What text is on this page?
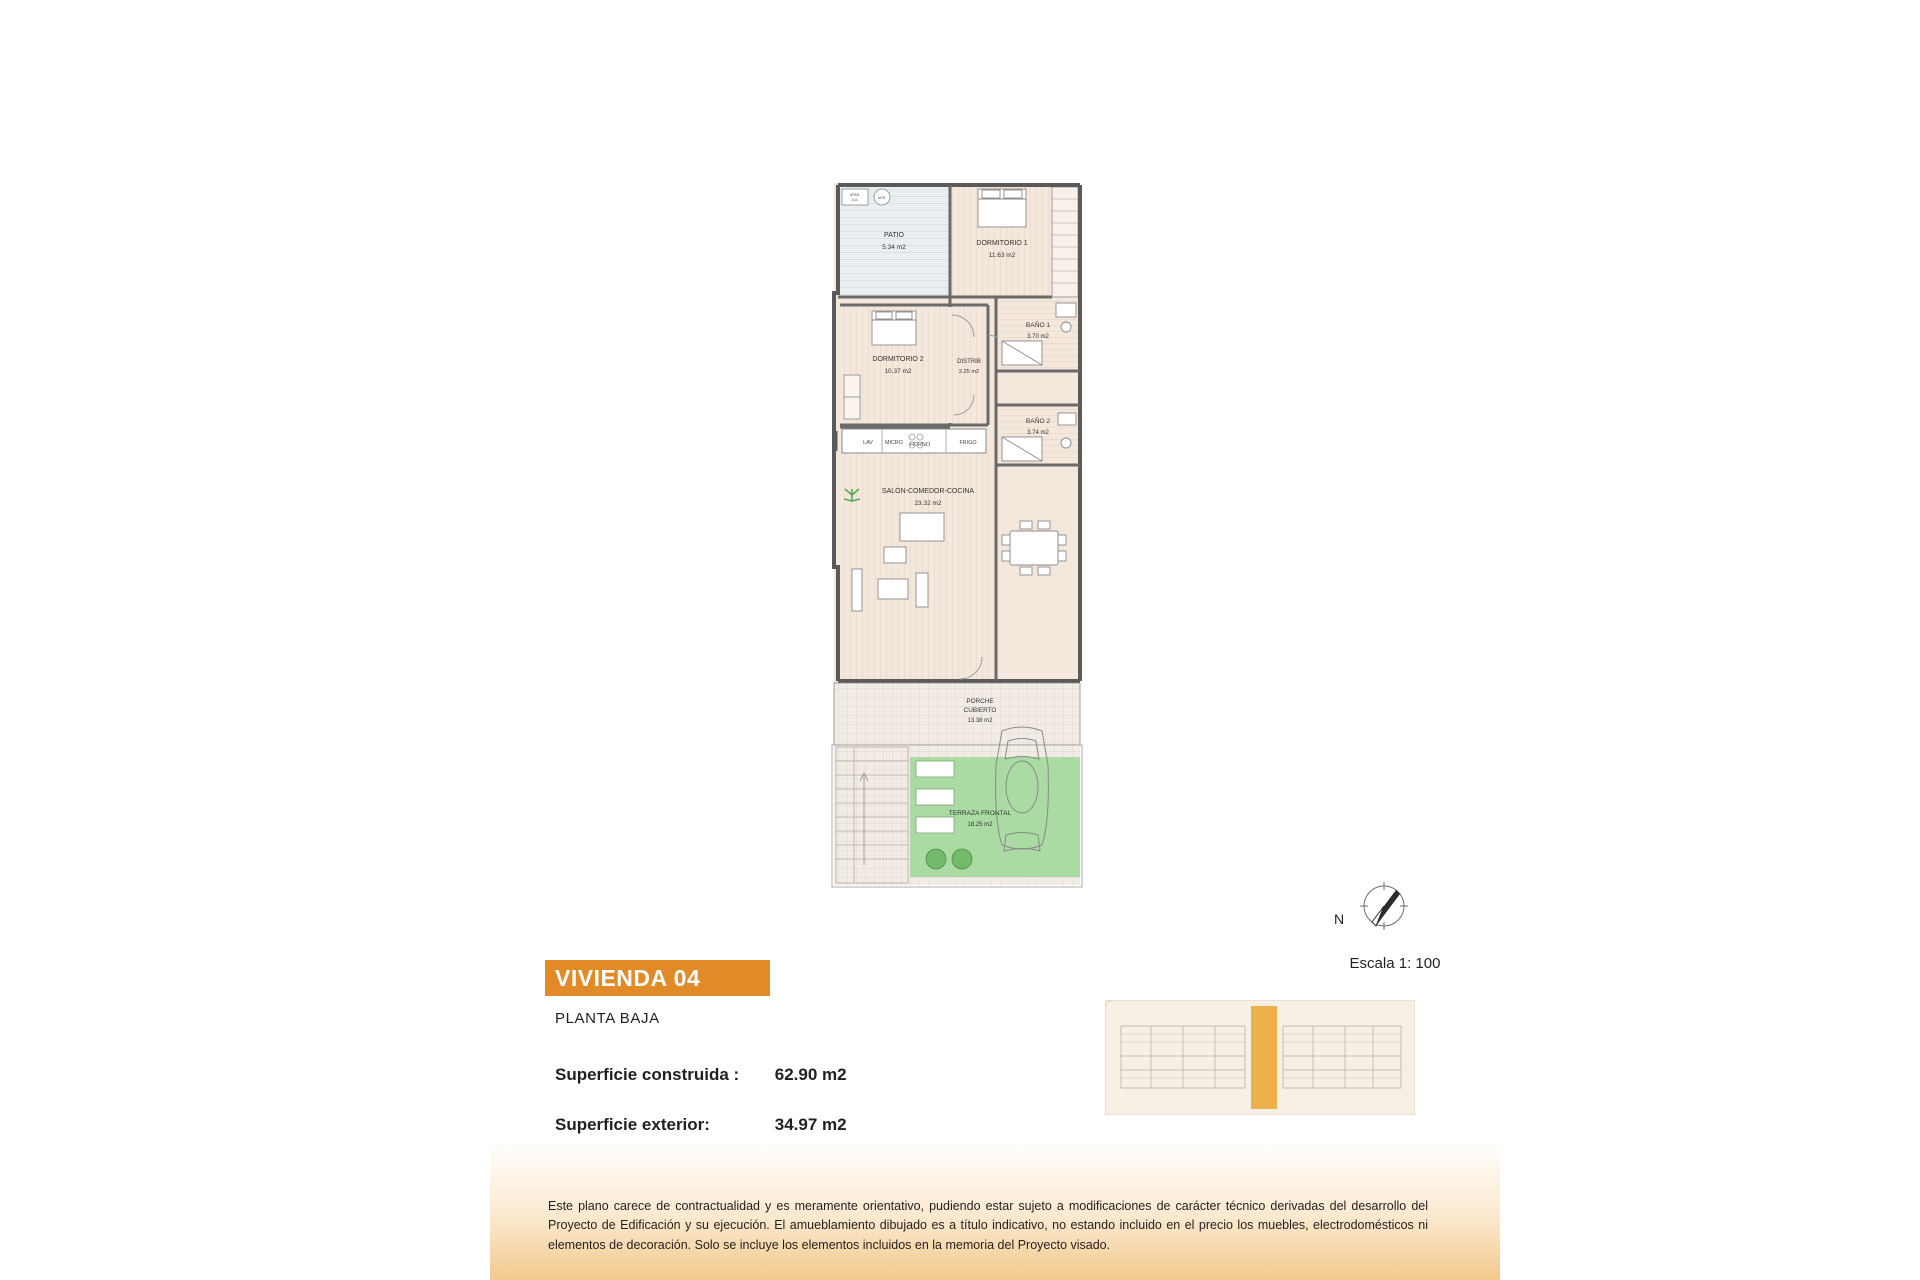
PATIO
5.34 m2
APAR.
A.A.	AER.
DORMITORIO 1
11.63 m2
DORMITORIO 2
10.37 m2
DISTRIB
2.25 m2
BAÑO 1
3.70 m2
BAÑO 2
3.74 m2
LAV MICRO HORNO	FRIGO
SALÓN-COMEDOR-COCINA
23.32 m2
PORCHE
CUBIERTO
13.38 m2
TERRAZA FRONTAL
18.25 m2
N
Escala 1: 100
VIVIENDA 04
PLANTA BAJA
Superficie construida : 62.90 m2
Superficie exterior:	34.97 m2
Este plano carece de contractualidad y es meramente orientativo, pudiendo estar sujeto a modificaciones de carácter técnico derivadas del desarrollo del Proyecto de Edificación y su ejecución. El amueblamiento dibujado es a título indicativo, no estando incluido en el precio los muebles, electrodomésticos ni elementos de decoración. Solo se incluye los elementos incluidos en la memoria del Proyecto visado.
